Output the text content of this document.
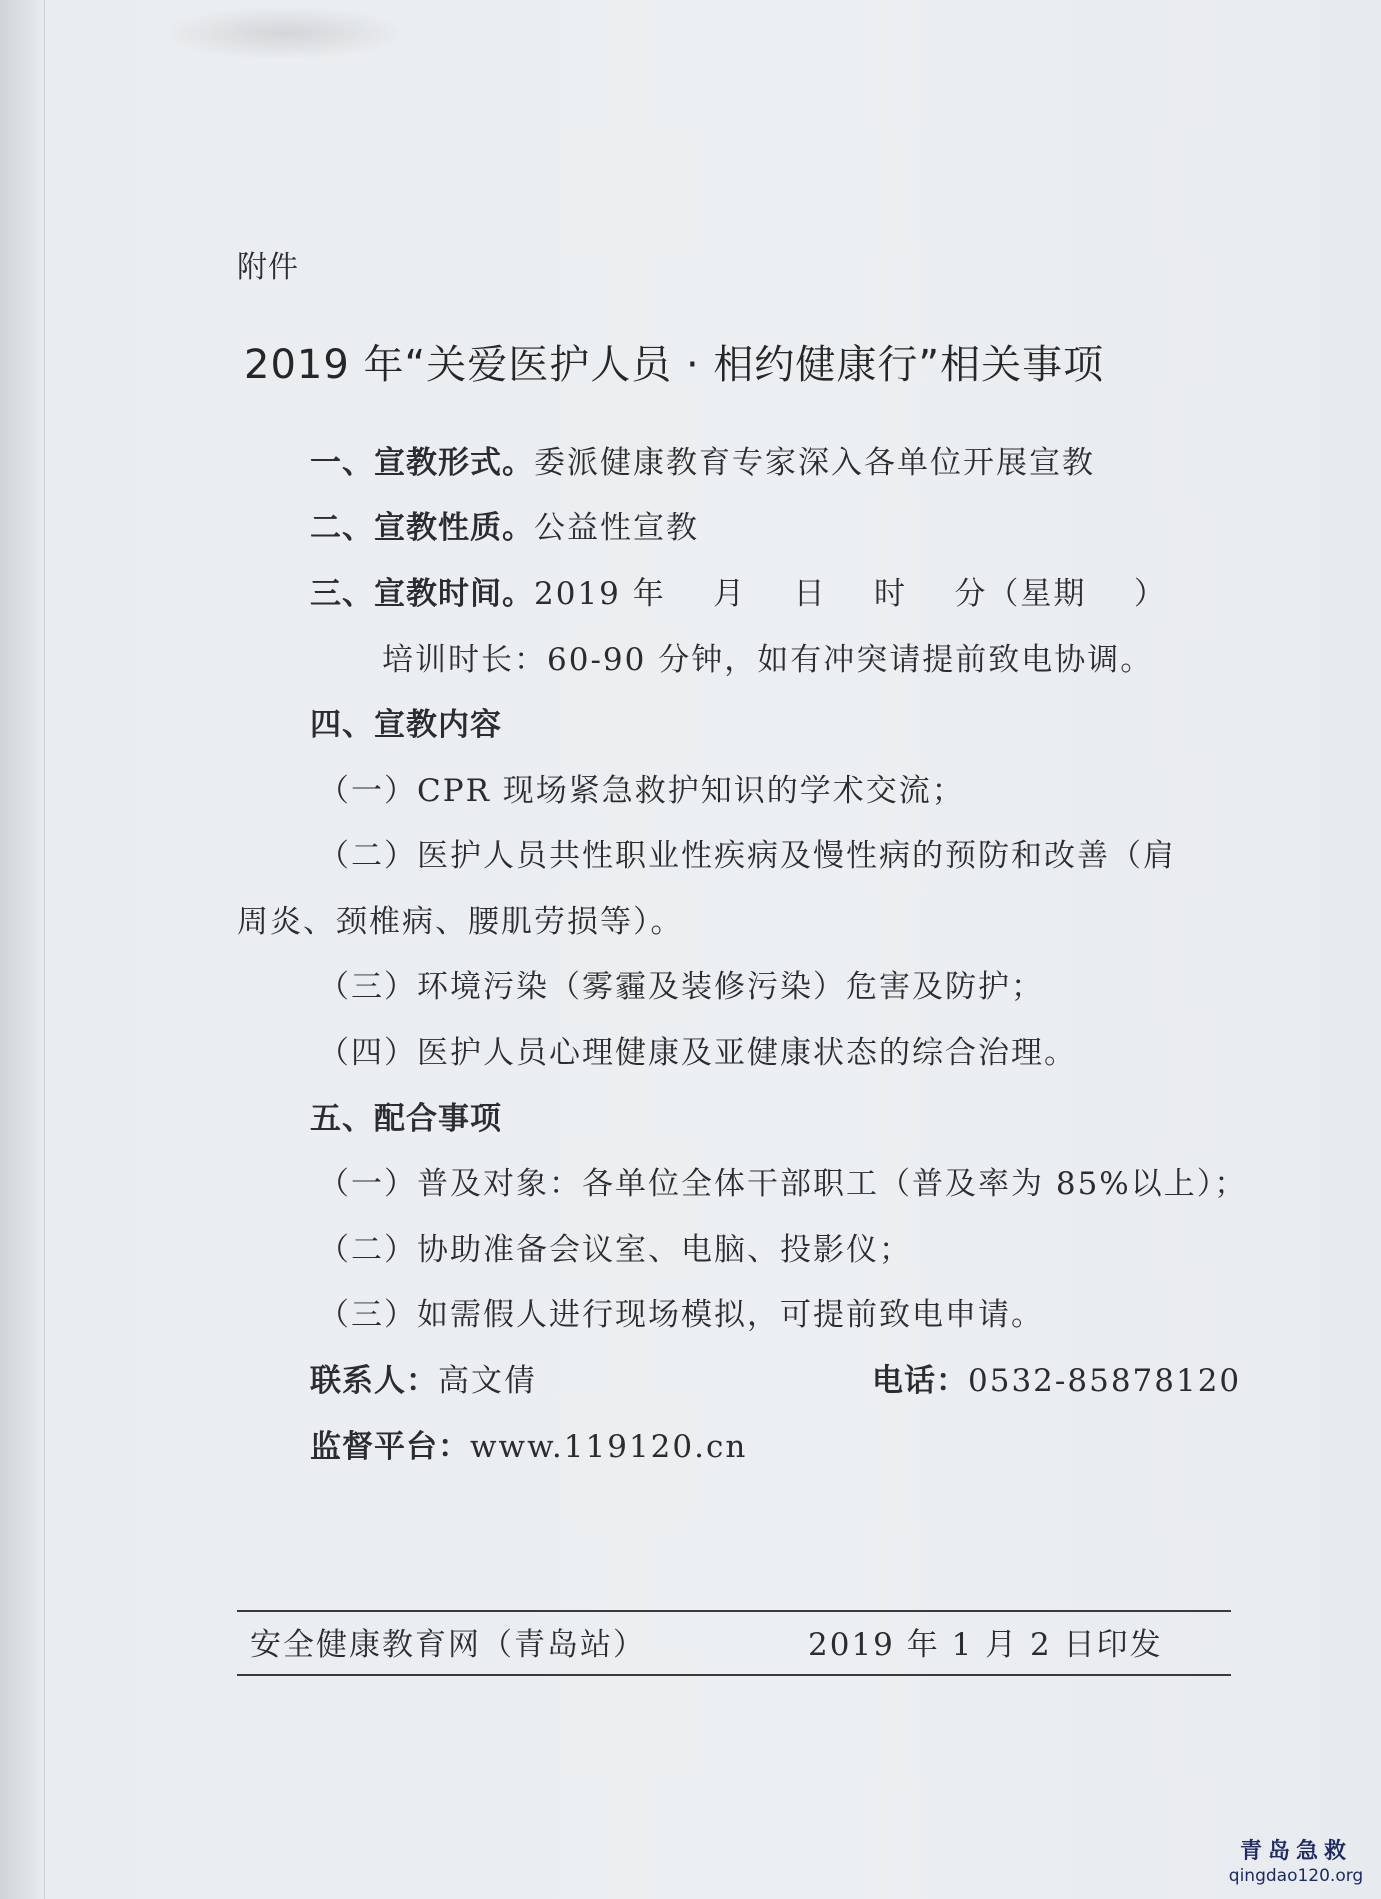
附件
2019 年“关爱医护人员 · 相约健康行”相关事项
一、宣教形式。委派健康教育专家深入各单位开展宣教
二、宣教性质。公益性宣教
三、宣教时间。2019 年    月    日    时    分（星期    ）
培训时长：60-90 分钟，如有冲突请提前致电协调。
四、宣教内容
（一）CPR 现场紧急救护知识的学术交流；
（二）医护人员共性职业性疾病及慢性病的预防和改善（肩
周炎、颈椎病、腰肌劳损等）。
（三）环境污染（雾霾及装修污染）危害及防护；
（四）医护人员心理健康及亚健康状态的综合治理。
五、配合事项
（一）普及对象：各单位全体干部职工（普及率为 85%以上）；
（二）协助准备会议室、电脑、投影仪；
（三）如需假人进行现场模拟，可提前致电申请。
联系人：高文倩	电话：0532-85878120
监督平台：www.119120.cn
安全健康教育网（青岛站）	2019 年 1 月 2 日印发
青岛急救
qingdao120.org
